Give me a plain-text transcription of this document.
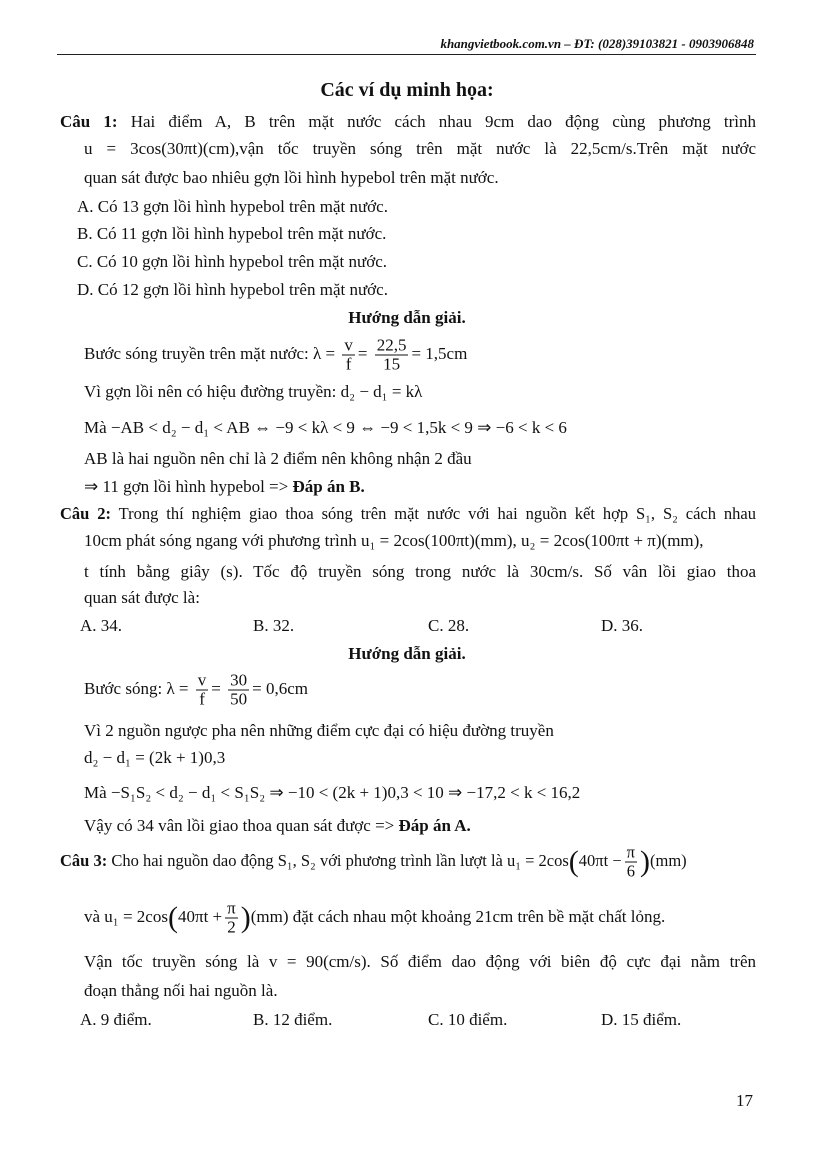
khangvietbook.com.vn – ĐT: (028)39103821 - 0903906848
Các ví dụ minh họa:
Câu 1: Hai điểm A, B trên mặt nước cách nhau 9cm dao động cùng phương trình
u = 3cos(30πt)(cm),vận tốc truyền sóng trên mặt nước là 22,5cm/s.Trên mặt nước
quan sát được bao nhiêu gợn lồi hình hypebol trên mặt nước.
A. Có 13 gợn lồi hình hypebol trên mặt nước.
B. Có 11 gợn lồi hình hypebol trên mặt nước.
C. Có 10 gợn lồi hình hypebol trên mặt nước.
D. Có 12 gợn lồi hình hypebol trên mặt nước.
Hướng dẫn giải.
Bước sóng truyền trên mặt nước: $\lambda = \frac{v}{f} = \frac{22,5}{15} = 1,5cm$
Vì gợn lồi nên có hiệu đường truyền: d₂ − d₁ = kλ
Mà −AB < d₂ − d₁ < AB ⇔ −9 < kλ < 9 ⇔ −9 < 1,5k < 9 ⇒ −6 < k < 6
AB là hai nguồn nên chỉ là 2 điểm nên không nhận 2 đầu
⇒ 11 gợn lồi hình hypebol => Đáp án B.
Câu 2: Trong thí nghiệm giao thoa sóng trên mặt nước với hai nguồn kết hợp S₁, S₂ cách nhau
10cm phát sóng ngang với phương trình u₁ = 2cos(100πt)(mm), u₂ = 2cos(100πt + π)(mm),
t tính bằng giây (s). Tốc độ truyền sóng trong nước là 30cm/s. Số vân lồi giao thoa
quan sát được là:
A. 34.	B. 32.	C. 28.	D. 36.
Hướng dẫn giải.
Bước sóng: $\lambda = \frac{v}{f} = \frac{30}{50} = 0,6cm$
Vì 2 nguồn ngược pha nên những điểm cực đại có hiệu đường truyền
d₂ − d₁ = (2k + 1)0,3
Mà −S₁S₂ < d₂ − d₁ < S₁S₂ ⇒ −10 < (2k + 1)0,3 < 10 ⇒ −17,2 < k < 16,2
Vậy có 34 vân lồi giao thoa quan sát được => Đáp án A.
Câu 3: Cho hai nguồn dao động S₁, S₂ với phương trình lần lượt là $u_1 = 2\cos(40\pi t - \frac{\pi}{6} )(mm)$
và $u_1 = 2\cos(40\pi t + \frac{\pi}{2} )(mm)$ đặt cách nhau một khoảng 21cm trên bề mặt chất lỏng.
Vận tốc truyền sóng là v = 90(cm/s). Số điểm dao động với biên độ cực đại nằm trên
đoạn thẳng nối hai nguồn là.
A. 9 điểm.	B. 12 điểm.	C. 10 điểm.	D. 15 điểm.
17
